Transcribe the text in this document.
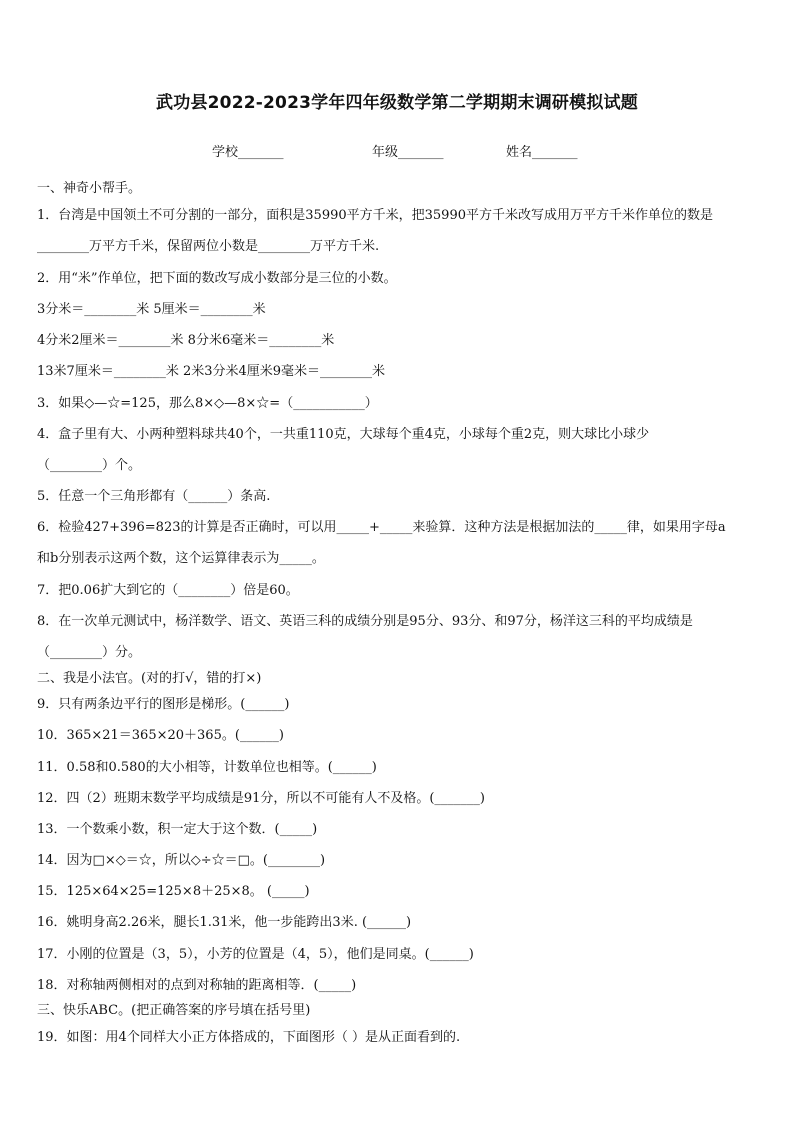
武功县2022-2023学年四年级数学第二学期期末调研模拟试题
学校_______	年级_______	姓名_______
一、神奇小帮手。
1．台湾是中国领土不可分割的一部分，面积是35990平方千米，把35990平方千米改写成用万平方千米作单位的数是
________万平方千米，保留两位小数是________万平方千米.
2．用“米”作单位，把下面的数改写成小数部分是三位的小数。
3分米＝________米 5厘米＝________米
4分米2厘米＝________米 8分米6毫米＝________米
13米7厘米＝________米 2米3分米4厘米9毫米＝________米
3．如果◇—☆=125，那么8×◇—8×☆=（___________）
4．盒子里有大、小两种塑料球共40个，一共重110克，大球每个重4克，小球每个重2克，则大球比小球少
（________）个。
5．任意一个三角形都有（______）条高.
6．检验427+396=823的计算是否正确时，可以用_____+_____来验算．这种方法是根据加法的_____律，如果用字母a
和b分别表示这两个数，这个运算律表示为_____。
7．把0.06扩大到它的（________）倍是60。
8．在一次单元测试中，杨洋数学、语文、英语三科的成绩分别是95分、93分、和97分，杨洋这三科的平均成绩是
（________）分。
二、我是小法官。(对的打√，错的打×)
9．只有两条边平行的图形是梯形。(______)
10．365×21＝365×20＋365。(______)
11．0.58和0.580的大小相等，计数单位也相等。(______)
12．四（2）班期末数学平均成绩是91分，所以不可能有人不及格。(_______)
13．一个数乘小数，积一定大于这个数．(_____)
14．因为□×◇＝☆，所以◇÷☆＝□。(________)
15．125×64×25=125×8＋25×8。 (_____)
16．姚明身高2.26米，腿长1.31米，他一步能跨出3米. (______)
17．小刚的位置是（3，5），小芳的位置是（4，5），他们是同桌。(______)
18．对称轴两侧相对的点到对称轴的距离相等．(_____)
三、快乐ABC。(把正确答案的序号填在括号里)
19．如图：用4个同样大小正方体搭成的，下面图形（ ）是从正面看到的.
